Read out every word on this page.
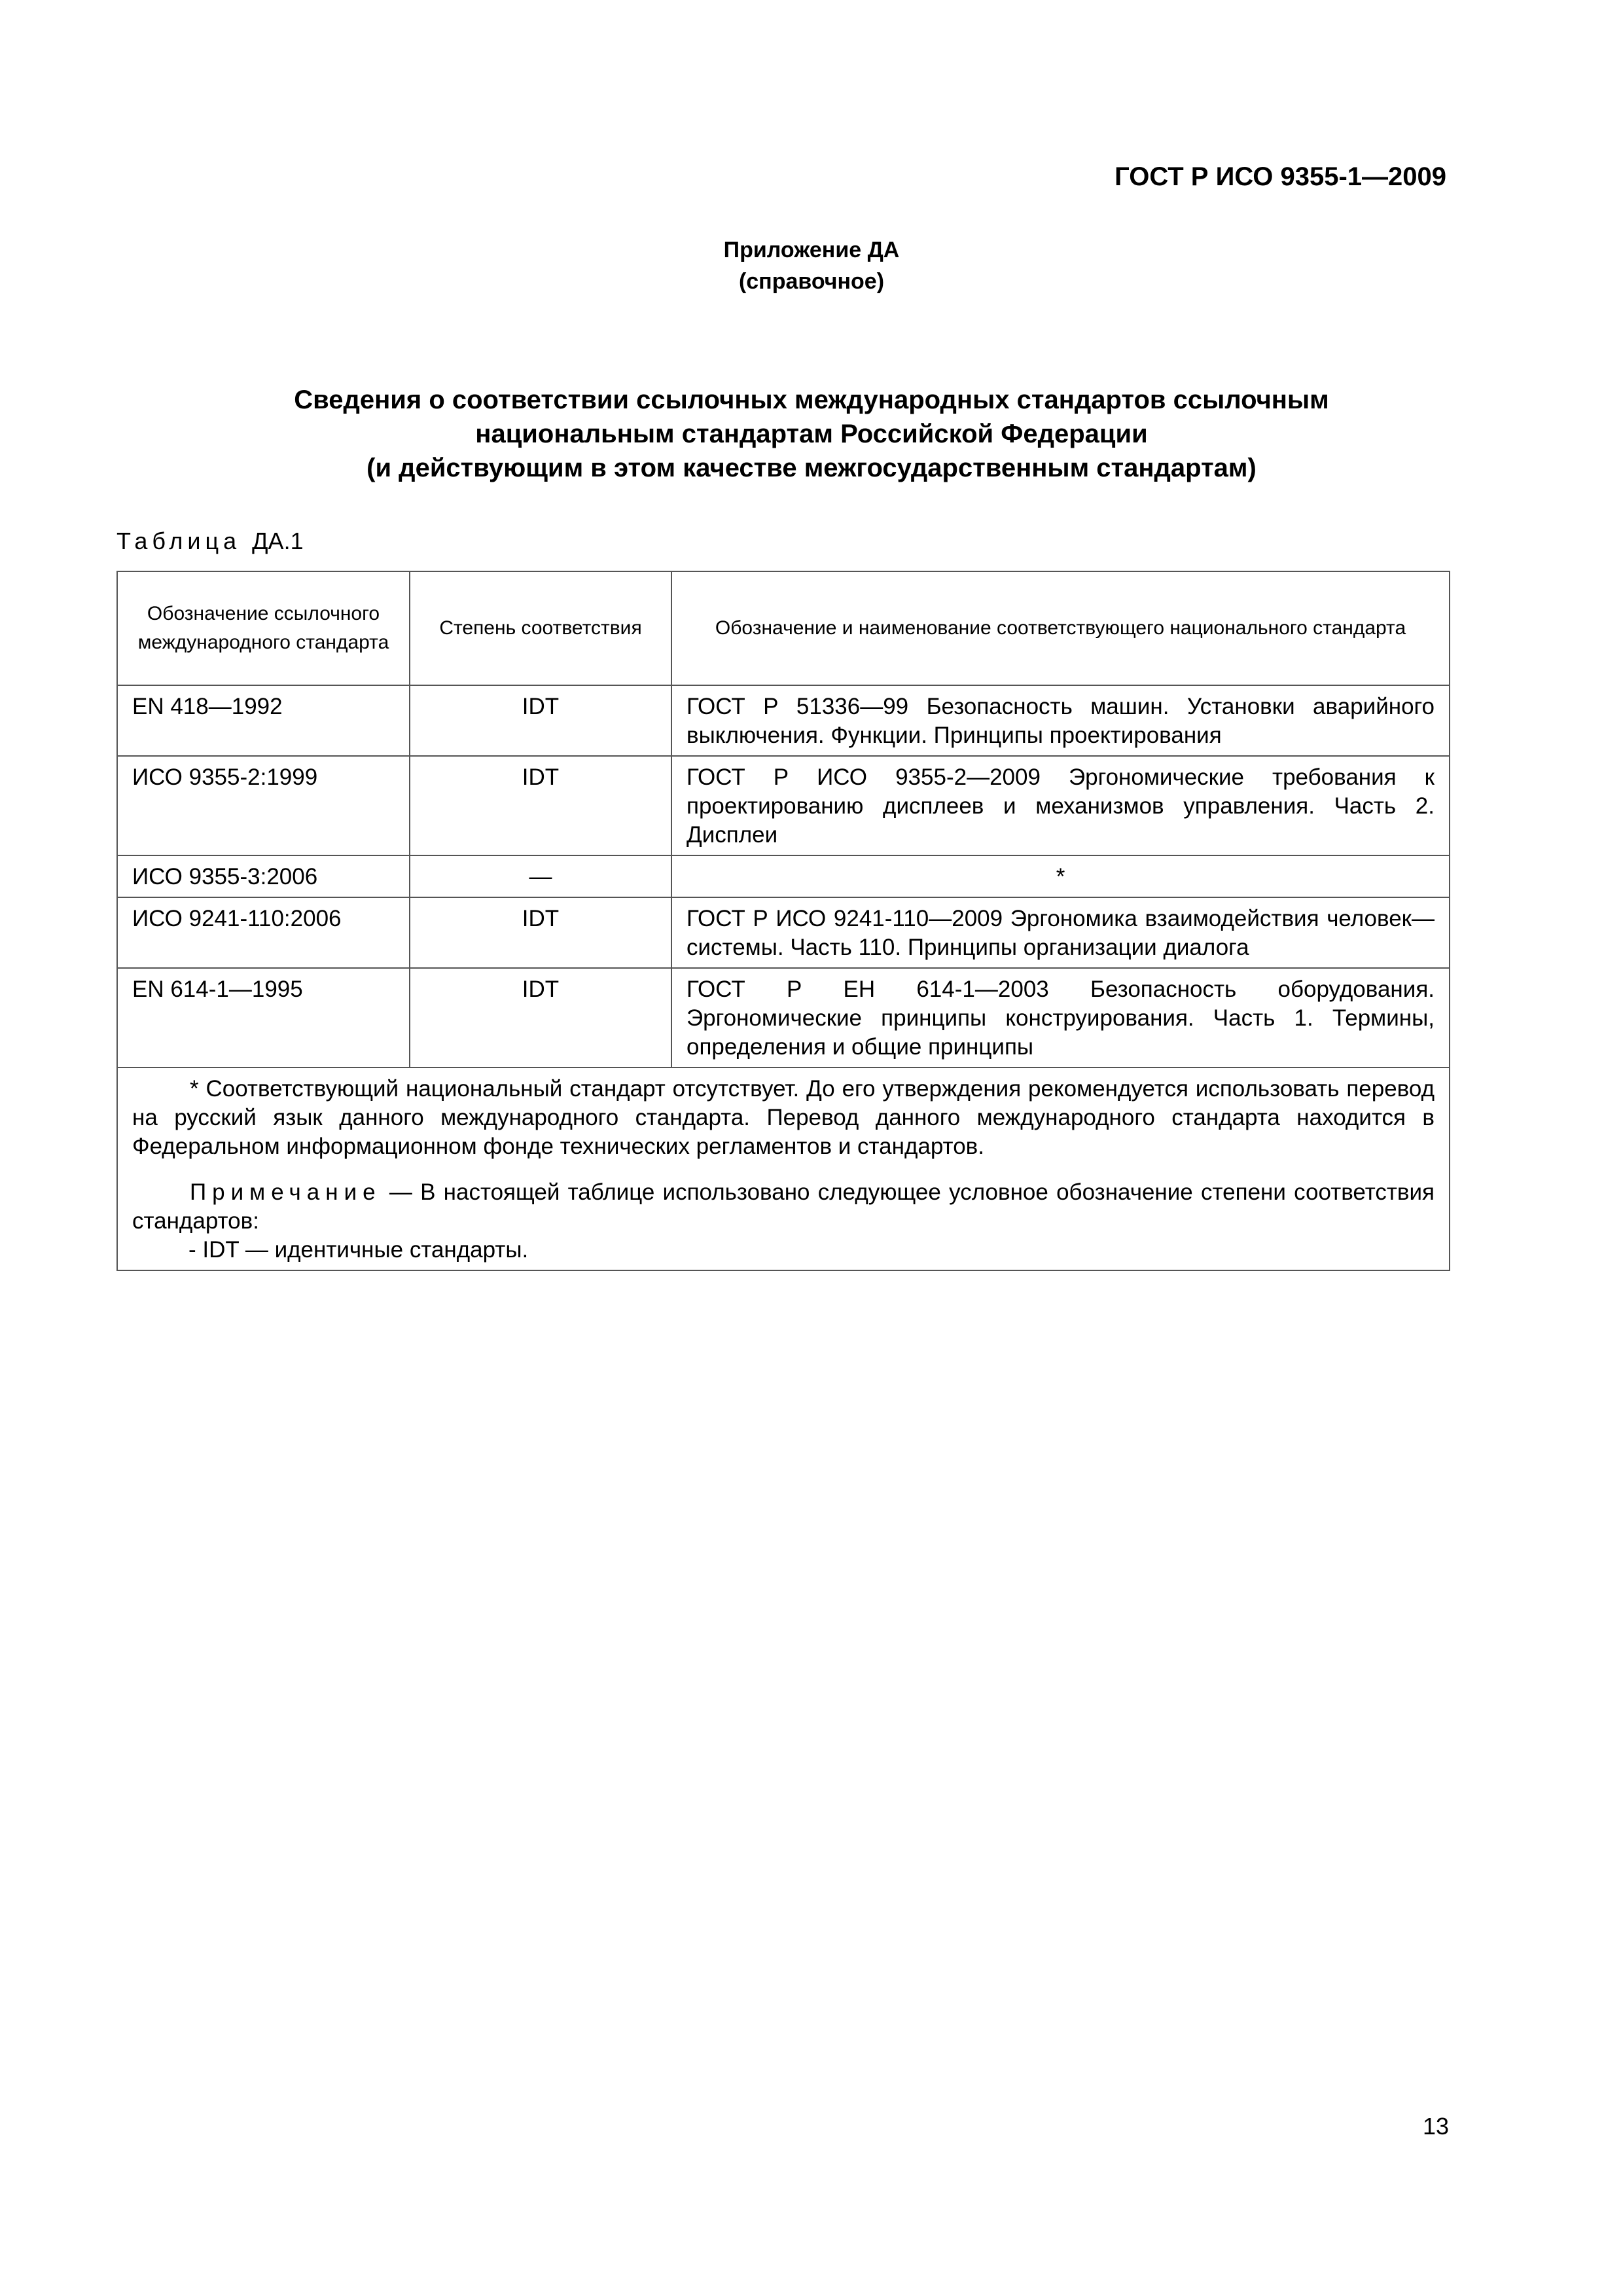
ГОСТ Р ИСО 9355-1—2009
Приложение ДА
(справочное)
Сведения о соответствии ссылочных международных стандартов ссылочным
национальным стандартам Российской Федерации
(и действующим в этом качестве межгосударственным стандартам)
Таблица ДА.1
Обозначение ссылочного международного стандарта	Степень соответствия	Обозначение и наименование соответствующего национального стандарта
EN 418—1992	IDT	ГОСТ Р 51336—99 Безопасность машин. Установки аварийного выключения. Функции. Принципы проектирования
ИСО 9355-2:1999	IDT	ГОСТ Р ИСО 9355-2—2009 Эргономические требования к проектированию дисплеев и механизмов управления. Часть 2. Дисплеи
ИСО 9355-3:2006	—	*
ИСО 9241-110:2006	IDT	ГОСТ Р ИСО 9241-110—2009 Эргономика взаимодействия человек—системы. Часть 110. Принципы организации диалога
EN 614-1—1995	IDT	ГОСТ Р ЕН 614-1—2003 Безопасность оборудования. Эргономические принципы конструирования. Часть 1. Термины, определения и общие принципы

* Соответствующий национальный стандарт отсутствует. До его утверждения рекомендуется использовать перевод на русский язык данного международного стандарта. Перевод данного международного стандарта находится в Федеральном информационном фонде технических регламентов и стандартов.

Примечание — В настоящей таблице использовано следующее условное обозначение степени соответствия стандартов:

- IDT — идентичные стандарты.		

13
